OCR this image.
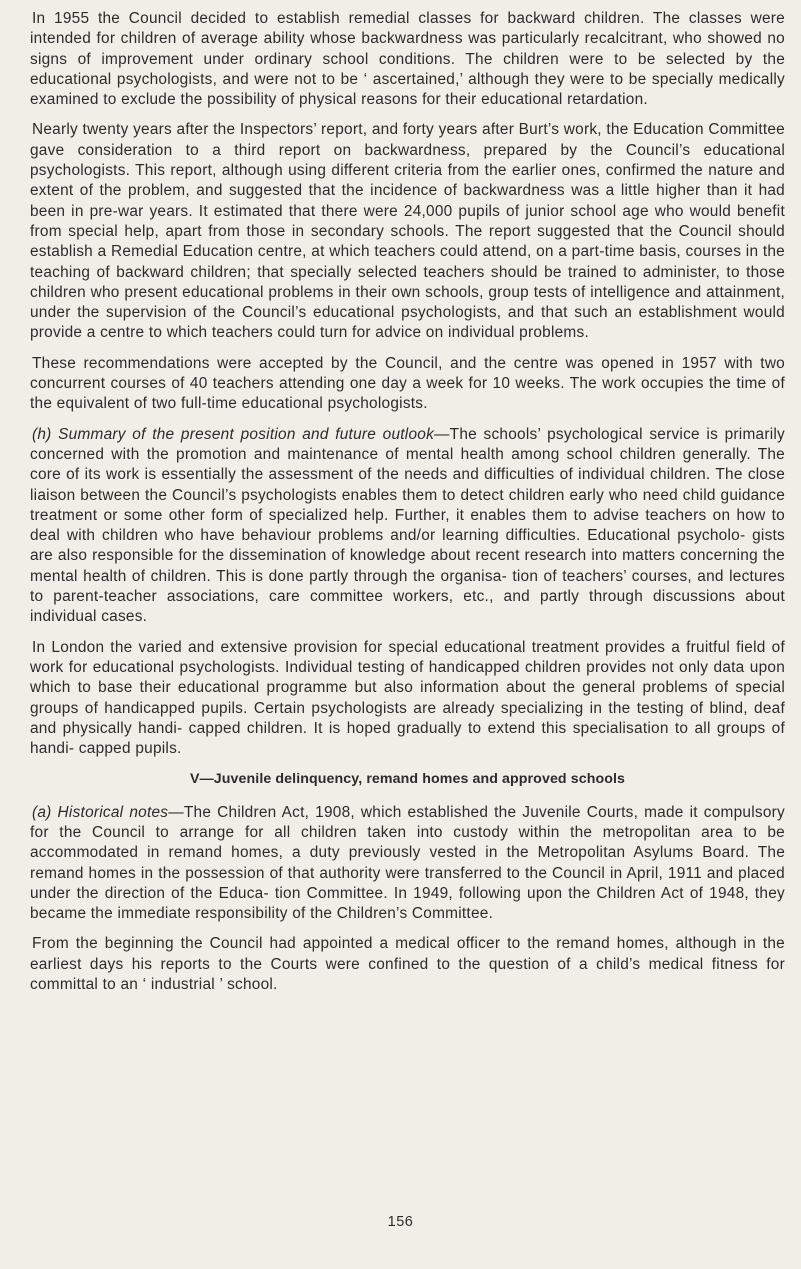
In 1955 the Council decided to establish remedial classes for backward children. The classes were intended for children of average ability whose backwardness was particularly recalcitrant, who showed no signs of improvement under ordinary school conditions. The children were to be selected by the educational psychologists, and were not to be ‘ ascertained,’ although they were to be specially medically examined to exclude the possibility of physical reasons for their educational retardation.

Nearly twenty years after the Inspectors’ report, and forty years after Burt’s work, the Education Committee gave consideration to a third report on backwardness, prepared by the Council’s educational psychologists. This report, although using different criteria from the earlier ones, confirmed the nature and extent of the problem, and suggested that the incidence of backwardness was a little higher than it had been in pre-war years. It estimated that there were 24,000 pupils of junior school age who would benefit from special help, apart from those in secondary schools. The report suggested that the Council should establish a Remedial Education centre, at which teachers could attend, on a part-time basis, courses in the teaching of backward children; that specially selected teachers should be trained to administer, to those children who present educational problems in their own schools, group tests of intelligence and attainment, under the supervision of the Council’s educational psychologists, and that such an establishment would provide a centre to which teachers could turn for advice on individual problems.

These recommendations were accepted by the Council, and the centre was opened in 1957 with two concurrent courses of 40 teachers attending one day a week for 10 weeks. The work occupies the time of the equivalent of two full-time educational psychologists.

(h) Summary of the present position and future outlook—The schools’ psychological service is primarily concerned with the promotion and maintenance of mental health among school children generally. The core of its work is essentially the assessment of the needs and difficulties of individual children. The close liaison between the Council’s psychologists enables them to detect children early who need child guidance treatment or some other form of specialized help. Further, it enables them to advise teachers on how to deal with children who have behaviour problems and/or learning difficulties. Educational psycholo- gists are also responsible for the dissemination of knowledge about recent research into matters concerning the mental health of children. This is done partly through the organisa- tion of teachers’ courses, and lectures to parent-teacher associations, care committee workers, etc., and partly through discussions about individual cases.

In London the varied and extensive provision for special educational treatment provides a fruitful field of work for educational psychologists. Individual testing of handicapped children provides not only data upon which to base their educational programme but also information about the general problems of special groups of handicapped pupils. Certain psychologists are already specializing in the testing of blind, deaf and physically handi- capped children. It is hoped gradually to extend this specialisation to all groups of handi- capped pupils.

V—Juvenile delinquency, remand homes and approved schools

(a) Historical notes—The Children Act, 1908, which established the Juvenile Courts, made it compulsory for the Council to arrange for all children taken into custody within the metropolitan area to be accommodated in remand homes, a duty previously vested in the Metropolitan Asylums Board. The remand homes in the possession of that authority were transferred to the Council in April, 1911 and placed under the direction of the Educa- tion Committee. In 1949, following upon the Children Act of 1948, they became the immediate responsibility of the Children’s Committee.

From the beginning the Council had appointed a medical officer to the remand homes, although in the earliest days his reports to the Courts were confined to the question of a child’s medical fitness for committal to an ‘ industrial ’ school.

156
